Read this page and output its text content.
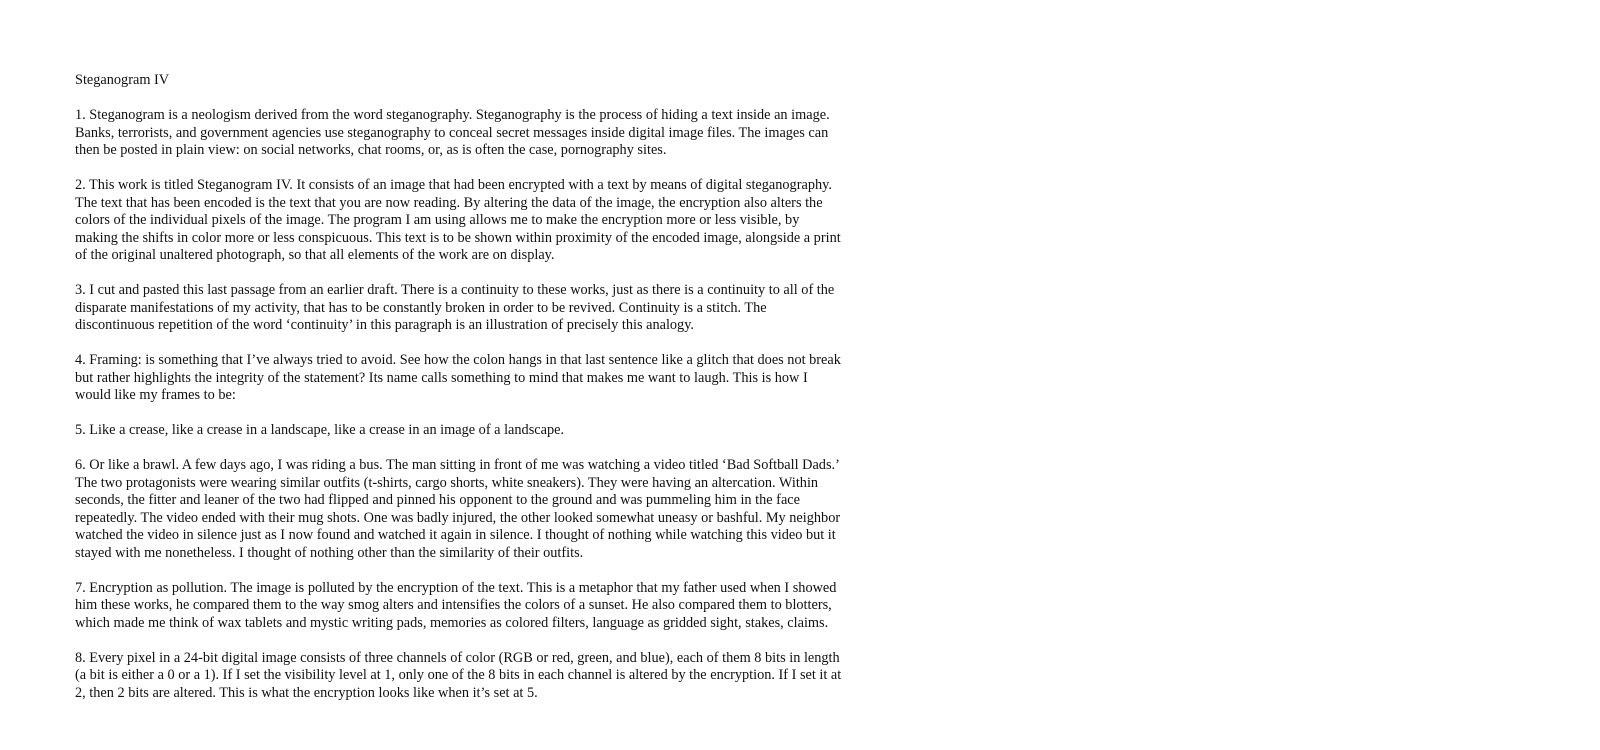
Steganogram IV

1. Steganogram is a neologism derived from the word steganography. Steganography is the process of hiding a text inside an image. Banks, terrorists, and government agencies use steganography to conceal secret messages inside digital image files. The images can then be posted in plain view: on social networks, chat rooms, or, as is often the case, pornography sites.

2. This work is titled Steganogram IV. It consists of an image that had been encrypted with a text by means of digital steganography. The text that has been encoded is the text that you are now reading. By altering the data of the image, the encryption also alters the colors of the individual pixels of the image. The program I am using allows me to make the encryption more or less visible, by making the shifts in color more or less conspicuous. This text is to be shown within proximity of the encoded image, alongside a print of the original unaltered photograph, so that all elements of the work are on display.

3. I cut and pasted this last passage from an earlier draft. There is a continuity to these works, just as there is a continuity to all of the disparate manifestations of my activity, that has to be constantly broken in order to be revived. Continuity is a stitch. The discontinuous repetition of the word ‘continuity’ in this paragraph is an illustration of precisely this analogy.

4. Framing: is something that I’ve always tried to avoid. See how the colon hangs in that last sentence like a glitch that does not break but rather highlights the integrity of the statement? Its name calls something to mind that makes me want to laugh. This is how I would like my frames to be:

5. Like a crease, like a crease in a landscape, like a crease in an image of a landscape.

6. Or like a brawl. A few days ago, I was riding a bus. The man sitting in front of me was watching a video titled ‘Bad Softball Dads.’ The two protagonists were wearing similar outfits (t-shirts, cargo shorts, white sneakers). They were having an altercation. Within seconds, the fitter and leaner of the two had flipped and pinned his opponent to the ground and was pummeling him in the face repeatedly. The video ended with their mug shots. One was badly injured, the other looked somewhat uneasy or bashful. My neighbor watched the video in silence just as I now found and watched it again in silence. I thought of nothing while watching this video but it stayed with me nonetheless. I thought of nothing other than the similarity of their outfits.

7. Encryption as pollution. The image is polluted by the encryption of the text. This is a metaphor that my father used when I showed him these works, he compared them to the way smog alters and intensifies the colors of a sunset. He also compared them to blotters, which made me think of wax tablets and mystic writing pads, memories as colored filters, language as gridded sight, stakes, claims.

8. Every pixel in a 24-bit digital image consists of three channels of color (RGB or red, green, and blue), each of them 8 bits in length (a bit is either a 0 or a 1). If I set the visibility level at 1, only one of the 8 bits in each channel is altered by the encryption. If I set it at 2, then 2 bits are altered. This is what the encryption looks like when it’s set at 5.
